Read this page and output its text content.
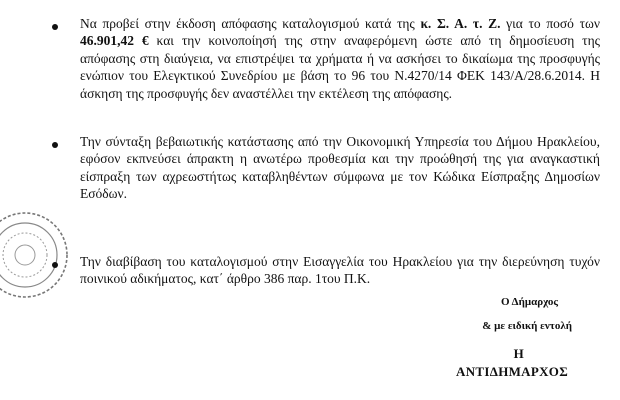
Να προβεί στην έκδοση απόφασης καταλογισμού κατά της κ. Σ. Α. τ. Ζ. για το ποσό των 46.901,42 € και την κοινοποίησή της στην αναφερόμενη ώστε από τη δημοσίευση της απόφασης στη διαύγεια, να επιστρέψει τα χρήματα ή να ασκήσει το δικαίωμα της προσφυγής ενώπιον του Ελεγκτικού Συνεδρίου με βάση το 96 του Ν.4270/14 ΦΕΚ 143/Α/28.6.2014. Η άσκηση της προσφυγής δεν αναστέλλει την εκτέλεση της απόφασης.
Την σύνταξη βεβαιωτικής κατάστασης από την Οικονομική Υπηρεσία του Δήμου Ηρακλείου, εφόσον εκπνεύσει άπρακτη η ανωτέρω προθεσμία και την προώθησή της για αναγκαστική είσπραξη των αχρεωστήτως καταβληθέντων σύμφωνα με τον Κώδικα Είσπραξης Δημοσίων Εσόδων.
Την διαβίβαση του καταλογισμού στην Εισαγγελία του Ηρακλείου για την διερεύνηση τυχόν ποινικού αδικήματος, κατ΄ άρθρο 386 παρ. 1του Π.Κ.
Ο Δήμαρχος
& με ειδική εντολή
Η
ΑΝΤΙΔΗΜΑΡΧΟΣ
